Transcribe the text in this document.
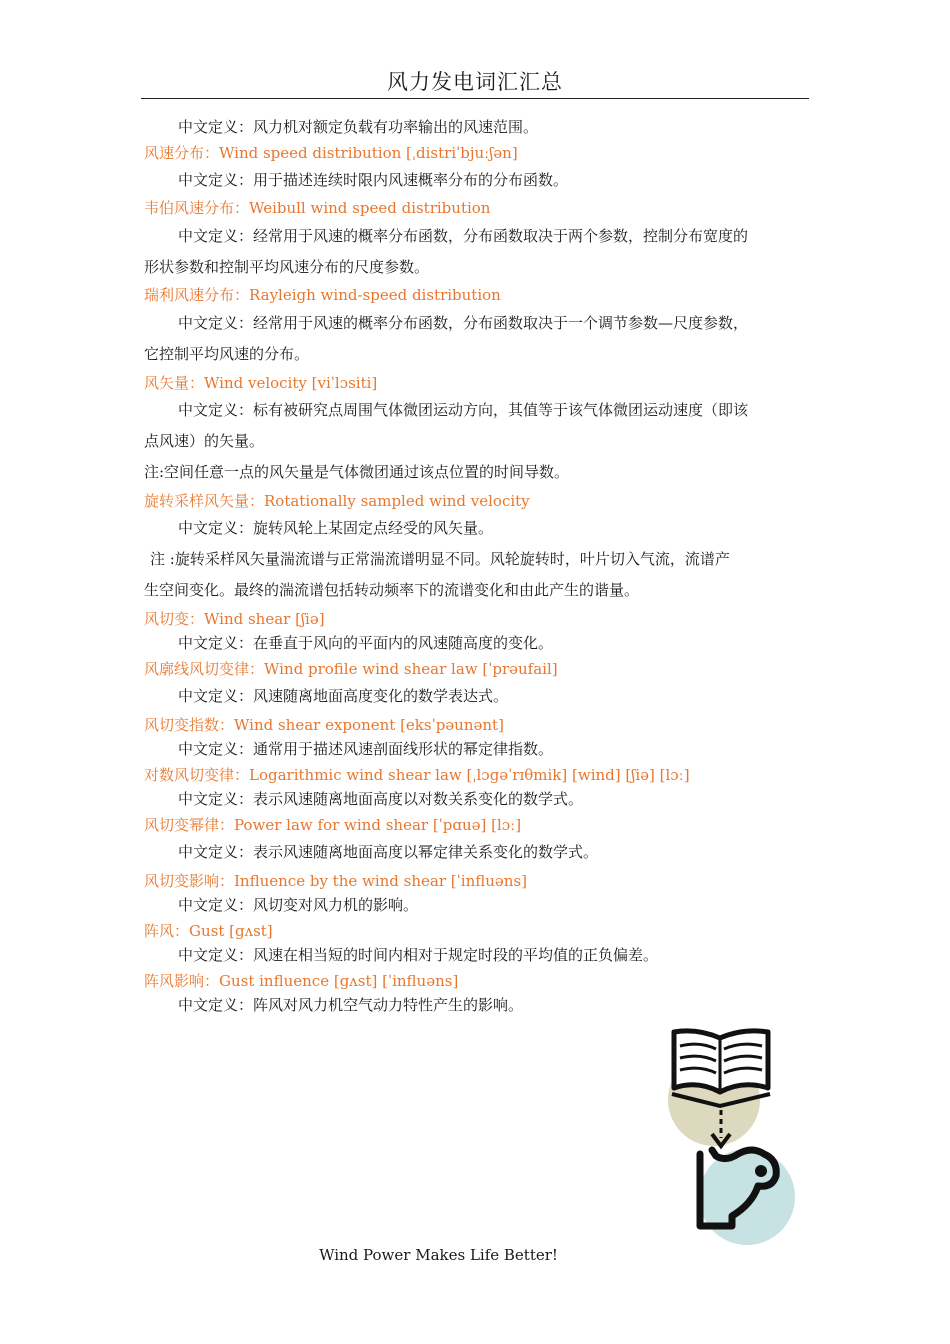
风力发电词汇汇总
中文定义：风力机对额定负载有功率输出的风速范围。
风速分布：Wind speed distribution [ˌdistriˈbjuːʃən]
中文定义：用于描述连续时限内风速概率分布的分布函数。
韦伯风速分布：Weibull wind speed distribution
中文定义：经常用于风速的概率分布函数，分布函数取决于两个参数，控制分布宽度的
形状参数和控制平均风速分布的尺度参数。
瑞利风速分布：Rayleigh wind-speed distribution
中文定义：经常用于风速的概率分布函数，分布函数取决于一个调节参数—尺度参数，
它控制平均风速的分布。
风矢量：Wind velocity [viˈlɔsiti]
中文定义：标有被研究点周围气体微团运动方向，其值等于该气体微团运动速度（即该
点风速）的矢量。
注:空间任意一点的风矢量是气体微团通过该点位置的时间导数。
旋转采样风矢量：Rotationally sampled wind velocity
中文定义：旋转风轮上某固定点经受的风矢量。
注 :旋转采样风矢量湍流谱与正常湍流谱明显不同。风轮旋转时，叶片切入气流，流谱产
生空间变化。最终的湍流谱包括转动频率下的流谱变化和由此产生的谐量。
风切变：Wind shear [ʃiə]
中文定义：在垂直于风向的平面内的风速随高度的变化。
风廓线风切变律：Wind profile wind shear law [ˈprəufail]
中文定义：风速随离地面高度变化的数学表达式。
风切变指数：Wind shear exponent [eksˈpəunənt]
中文定义：通常用于描述风速剖面线形状的幂定律指数。
对数风切变律：Logarithmic wind shear law [ˌlɔgəˈrɪθmik] [wind] [ʃiə] [lɔː]
中文定义：表示风速随离地面高度以对数关系变化的数学式。
风切变幂律：Power law for wind shear [ˈpɑuə] [lɔː]
中文定义：表示风速随离地面高度以幂定律关系变化的数学式。
风切变影响：Influence by the wind shear [ˈinfluəns]
中文定义：风切变对风力机的影响。
阵风：Gust [gʌst]
中文定义：风速在相当短的时间内相对于规定时段的平均值的正负偏差。
阵风影响：Gust influence [gʌst] [ˈinfluəns]
中文定义：阵风对风力机空气动力特性产生的影响。
Wind Power Makes Life Better!
